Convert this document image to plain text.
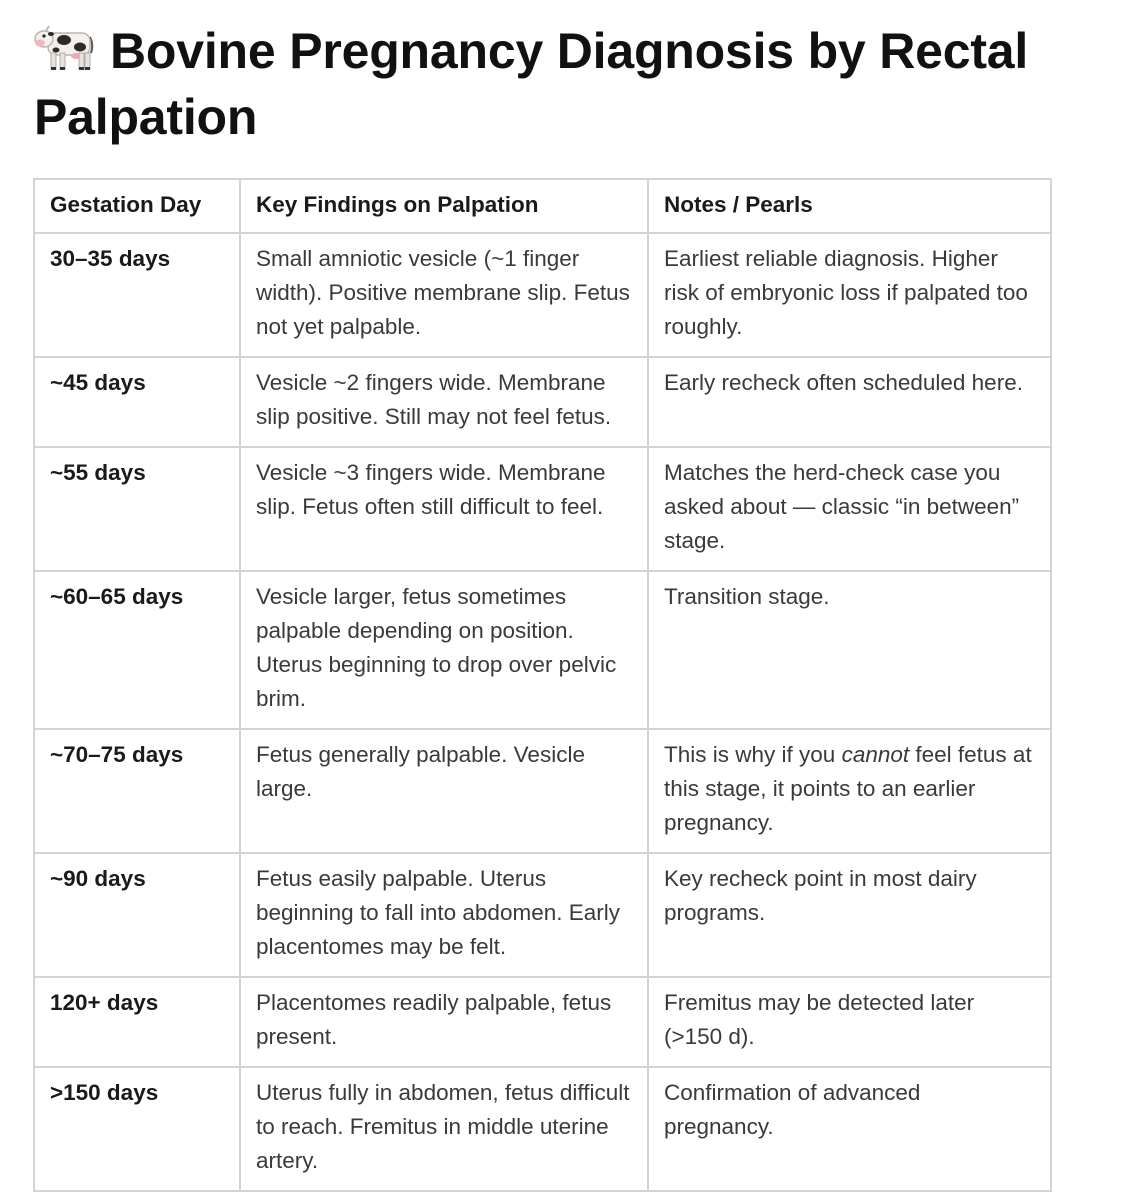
Bovine Pregnancy Diagnosis by Rectal Palpation
Gestation Day	Key Findings on Palpation	Notes / Pearls
30–35 days	Small amniotic vesicle (~1 finger width). Positive membrane slip. Fetus not yet palpable.	Earliest reliable diagnosis. Higher risk of embryonic loss if palpated too roughly.
~45 days	Vesicle ~2 fingers wide. Membrane slip positive. Still may not feel fetus.	Early recheck often scheduled here.
~55 days	Vesicle ~3 fingers wide. Membrane slip. Fetus often still difficult to feel.	Matches the herd-check case you asked about — classic “in between” stage.
~60–65 days	Vesicle larger, fetus sometimes palpable depending on position. Uterus beginning to drop over pelvic brim.	Transition stage.
~70–75 days	Fetus generally palpable. Vesicle large.	This is why if you cannot feel fetus at this stage, it points to an earlier pregnancy.
~90 days	Fetus easily palpable. Uterus beginning to fall into abdomen. Early placentomes may be felt.	Key recheck point in most dairy programs.
120+ days	Placentomes readily palpable, fetus present.	Fremitus may be detected later (>150 d).
>150 days	Uterus fully in abdomen, fetus difficult to reach. Fremitus in middle uterine artery.	Confirmation of advanced pregnancy.
